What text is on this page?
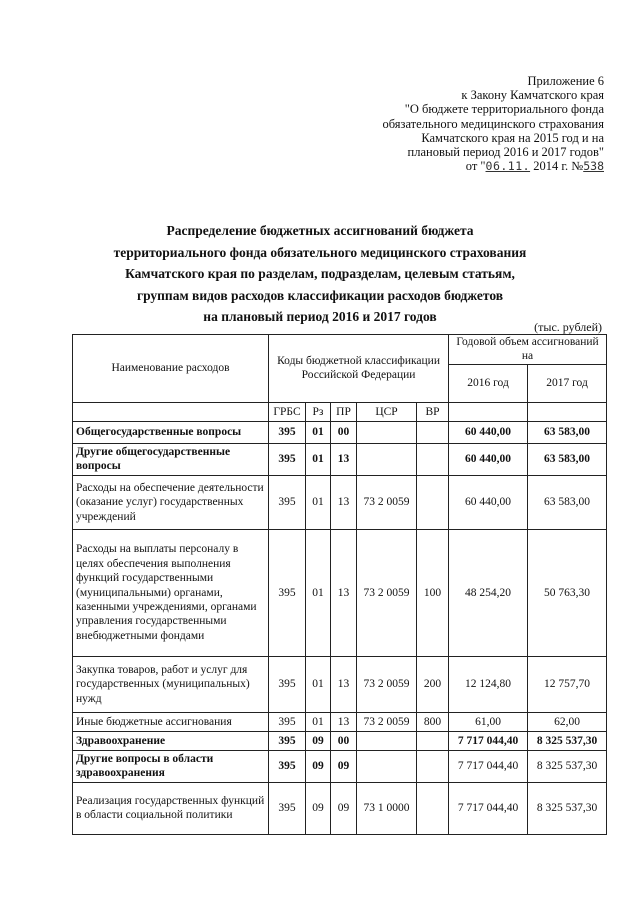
Приложение 6
к Закону Камчатского края
"О бюджете территориального фонда
обязательного медицинского страхования
Камчатского края на 2015 год и на
плановый период 2016 и 2017 годов"
от "06.11. 2014 г. №538
Распределение бюджетных ассигнований бюджета
территориального фонда обязательного медицинского страхования
Камчатского края по разделам, подразделам, целевым статьям,
группам видов расходов классификации расходов бюджетов
на плановый период 2016 и 2017 годов
(тыс. рублей)
Наименование расходов	Коды бюджетной классификации Российской Федерации					Годовой объем ассигнований на	
						2016 год	2017 год
	ГРБС	Рз	ПР	ЦСР	ВР		
Общегосударственные вопросы	395	01	00			60 440,00	63 583,00
Другие общегосударственные вопросы	395	01	13			60 440,00	63 583,00
Расходы на обеспечение деятельности (оказание услуг) государственных учреждений	395	01	13	73 2 0059		60 440,00	63 583,00
Расходы на выплаты персоналу в целях обеспечения выполнения функций государственными (муниципальными) органами, казенными учреждениями, органами управления государственными внебюджетными фондами	395	01	13	73 2 0059	100	48 254,20	50 763,30
Закупка товаров, работ и услуг для государственных (муниципальных) нужд	395	01	13	73 2 0059	200	12 124,80	12 757,70
Иные бюджетные ассигнования	395	01	13	73 2 0059	800	61,00	62,00
Здравоохранение	395	09	00			7 717 044,40	8 325 537,30
Другие вопросы в области здравоохранения	395	09	09			7 717 044,40	8 325 537,30
Реализация государственных функций в области социальной политики	395	09	09	73 1 0000		7 717 044,40	8 325 537,30
